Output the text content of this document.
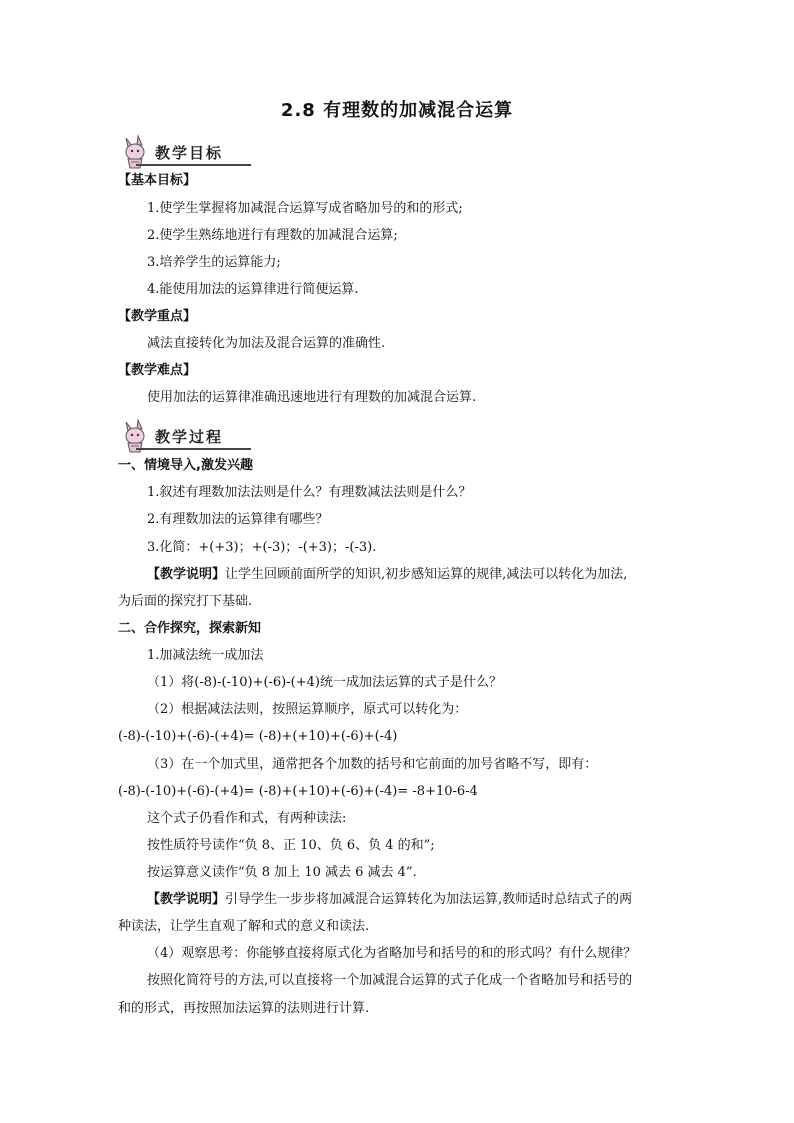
2.8 有理数的加减混合运算
教学目标
【基本目标】
1.使学生掌握将加减混合运算写成省略加号的和的形式;
2.使学生熟练地进行有理数的加减混合运算;
3.培养学生的运算能力;
4.能使用加法的运算律进行简便运算.
【教学重点】
减法直接转化为加法及混合运算的准确性.
【教学难点】
使用加法的运算律准确迅速地进行有理数的加减混合运算.
教学过程
一、情境导入,激发兴趣
1.叙述有理数加法法则是什么？有理数减法法则是什么？
2.有理数加法的运算律有哪些？
3.化简：+(+3)；+(-3)；-(+3)；-(-3).
【教学说明】让学生回顾前面所学的知识,初步感知运算的规律,减法可以转化为加法,
为后面的探究打下基础.
二、合作探究，探索新知
1.加减法统一成加法
（1）将(-8)-(-10)+(-6)-(+4)统一成加法运算的式子是什么？
（2）根据减法法则，按照运算顺序，原式可以转化为：
(-8)-(-10)+(-6)-(+4)= (-8)+(+10)+(-6)+(-4)
（3）在一个加式里，通常把各个加数的括号和它前面的加号省略不写，即有：
(-8)-(-10)+(-6)-(+4)= (-8)+(+10)+(-6)+(-4)= -8+10-6-4
这个式子仍看作和式，有两种读法:
按性质符号读作“负 8、正 10、负 6、负 4 的和”;
按运算意义读作“负 8 加上 10 减去 6 减去 4”.
【教学说明】引导学生一步步将加减混合运算转化为加法运算,教师适时总结式子的两
种读法，让学生直观了解和式的意义和读法.
（4）观察思考：你能够直接将原式化为省略加号和括号的和的形式吗？有什么规律？
按照化简符号的方法,可以直接将一个加减混合运算的式子化成一个省略加号和括号的
和的形式，再按照加法运算的法则进行计算.
